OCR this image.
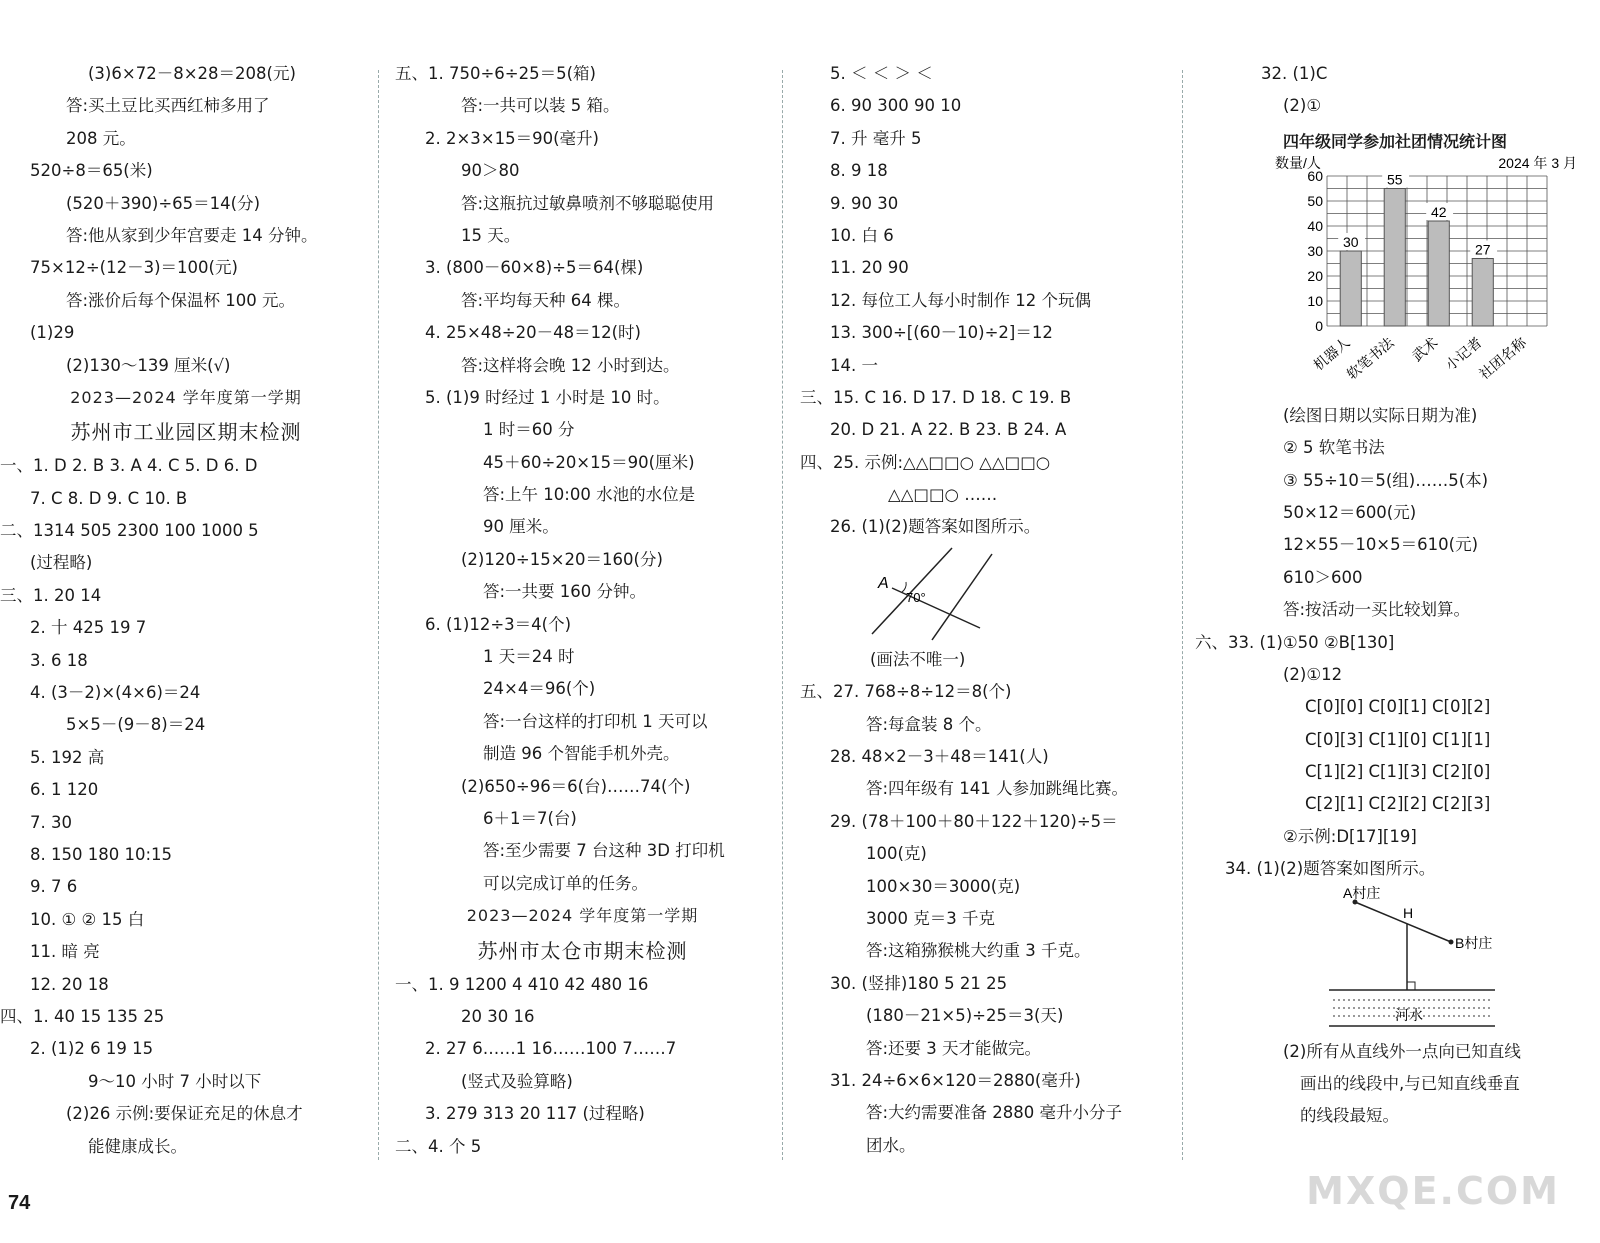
(3)6×72－8×28＝208(元)
答:买土豆比买西红柿多用了
208 元。
520÷8＝65(米)
(520＋390)÷65＝14(分)
答:他从家到少年宫要走 14 分钟。
75×12÷(12－3)＝100(元)
答:涨价后每个保温杯 100 元。
(1)29
(2)130～139 厘米(√)
2023—2024 学年度第一学期
苏州市工业园区期末检测
一、1. D 2. B 3. A 4. C 5. D 6. D
7. C 8. D 9. C 10. B
二、1314 505 2300 100 1000 5
(过程略)
三、1. 20 14
2. 十 425 19 7
3. 6 18
4. (3－2)×(4×6)＝24
5×5－(9－8)＝24
5. 192 高
6. 1 120
7. 30
8. 150 180 10:15
9. 7 6
10. ① ② 15 白
11. 暗 亮
12. 20 18
四、1. 40 15 135 25
2. (1)2 6 19 15
9～10 小时 7 小时以下
(2)26 示例:要保证充足的休息才
能健康成长。
五、1. 750÷6÷25＝5(箱)
答:一共可以装 5 箱。
2. 2×3×15＝90(毫升)
90＞80
答:这瓶抗过敏鼻喷剂不够聪聪使用
15 天。
3. (800－60×8)÷5＝64(棵)
答:平均每天种 64 棵。
4. 25×48÷20－48＝12(时)
答:这样将会晚 12 小时到达。
5. (1)9 时经过 1 小时是 10 时。
1 时＝60 分
45＋60÷20×15＝90(厘米)
答:上午 10:00 水池的水位是
90 厘米。
(2)120÷15×20＝160(分)
答:一共要 160 分钟。
6. (1)12÷3＝4(个)
1 天＝24 时
24×4＝96(个)
答:一台这样的打印机 1 天可以
制造 96 个智能手机外壳。
(2)650÷96＝6(台)……74(个)
6＋1＝7(台)
答:至少需要 7 台这种 3D 打印机
可以完成订单的任务。
2023—2024 学年度第一学期
苏州市太仓市期末检测
一、1. 9 1200 4 410 42 480 16
20 30 16
2. 27 6……1 16……100 7……7
(竖式及验算略)
3. 279 313 20 117 (过程略)
二、4. 个 5
5. ＜ ＜ ＞ ＜
6. 90 300 90 10
7. 升 毫升 5
8. 9 18
9. 90 30
10. 白 6
11. 20 90
12. 每位工人每小时制作 12 个玩偶
13. 300÷[(60－10)÷2]＝12
14. 一
三、15. C 16. D 17. D 18. C 19. B
20. D 21. A 22. B 23. B 24. A
四、25. 示例:△△□□○ △△□□○
△△□□○ ……
26. (1)(2)题答案如图所示。
A
70°
(画法不唯一)
五、27. 768÷8÷12＝8(个)
答:每盒装 8 个。
28. 48×2－3＋48＝141(人)
答:四年级有 141 人参加跳绳比赛。
29. (78＋100＋80＋122＋120)÷5＝
100(克)
100×30＝3000(克)
3000 克＝3 千克
答:这箱猕猴桃大约重 3 千克。
30. (竖排)180 5 21 25
(180－21×5)÷25＝3(天)
答:还要 3 天才能做完。
31. 24÷6×6×120＝2880(毫升)
答:大约需要准备 2880 毫升小分子
团水。
32. (1)C
(2)①
四年级同学参加社团情况统计图
0
10
20
30
40
50
60
数量/人	2024 年 3 月
30
机器人
55
软笔书法
42
武术
27
小记者
社团名称
(绘图日期以实际日期为准)
② 5 软笔书法
③ 55÷10＝5(组)……5(本)
50×12＝600(元)
12×55－10×5＝610(元)
610＞600
答:按活动一买比较划算。
六、33. (1)①50 ②B[130]
(2)①12
C[0][0] C[0][1] C[0][2]
C[0][3] C[1][0] C[1][1]
C[1][2] C[1][3] C[2][0]
C[2][1] C[2][2] C[2][3]
②示例:D[17][19]
34. (1)(2)题答案如图所示。
A村庄
H
B村庄
河水
(2)所有从直线外一点向已知直线
画出的线段中,与已知直线垂直
的线段最短。
74	MXQE.COM
